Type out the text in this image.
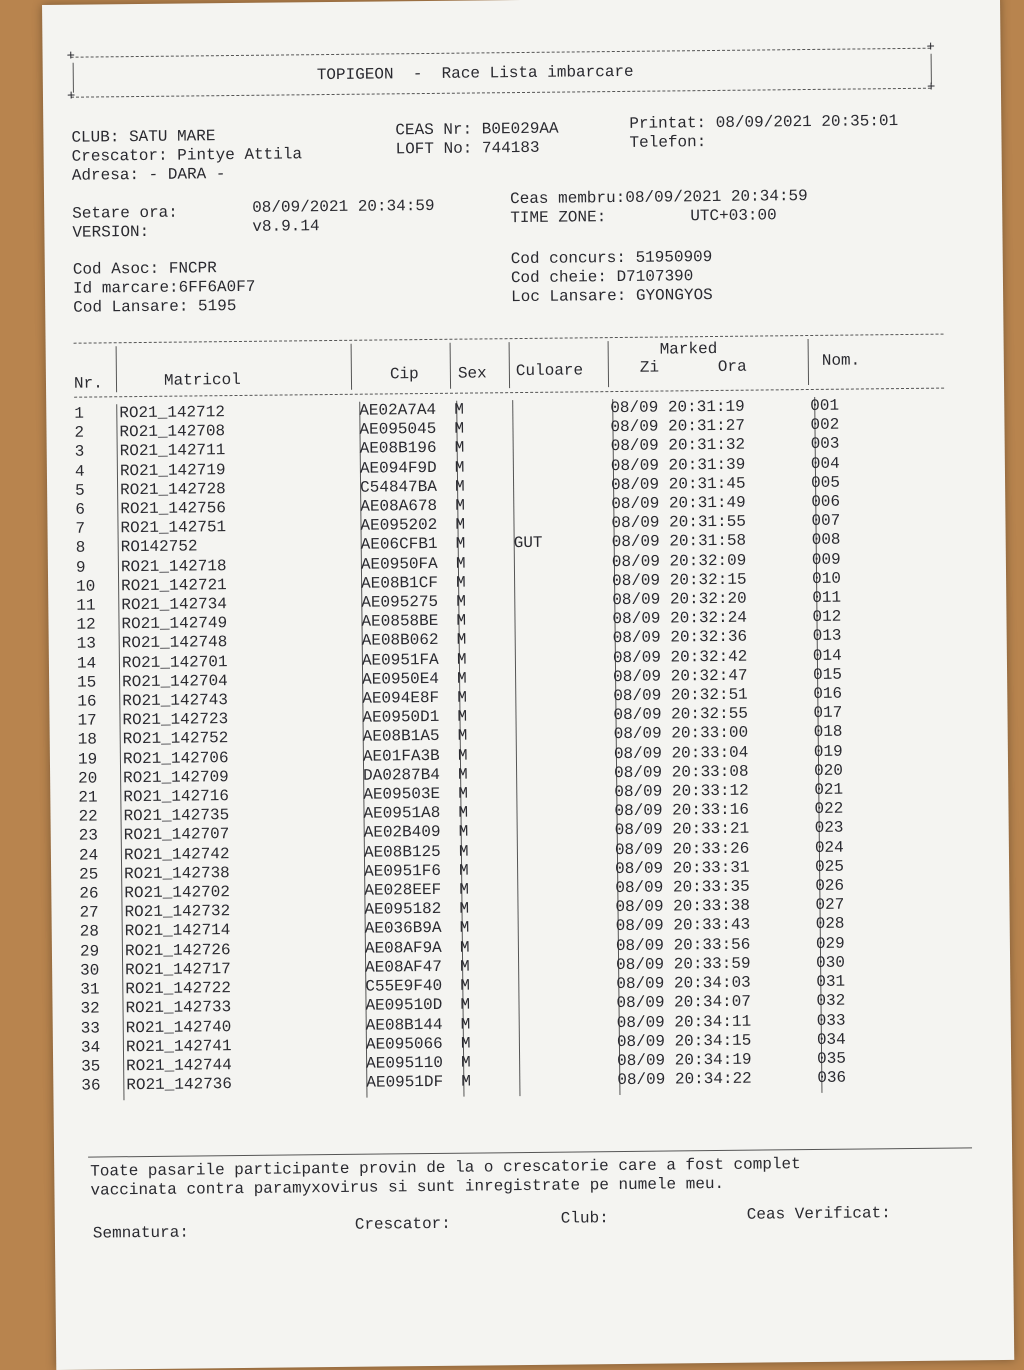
+
+
TOPIGEON  -  Race Lista imbarcare
+
+
CLUB: SATU MARE
Crescator: Pintye Attila
Adresa: - DARA -
CEAS Nr: B0E029AA
LOFT No: 744183
Printat: 08/09/2021 20:35:01
Telefon:
Setare ora:	08/09/2021 20:34:59
VERSION:	v8.9.14
Ceas membru:08/09/2021 20:34:59
TIME ZONE:	UTC+03:00
Cod Asoc: FNCPR
Id marcare:6FF6A0F7
Cod Lansare: 5195
Cod concurs: 51950909
Cod cheie: D7107390
Loc Lansare: GYONGYOS
Nr.	Matricol	Cip Sex Culoare
Marked
Zi	Ora	Nom.
1	RO21_142712	AE02A7A4	M		08/09 20:31:19	001
2	RO21_142708	AE095045	M		08/09 20:31:27	002
3	RO21_142711	AE08B196	M		08/09 20:31:32	003
4	RO21_142719	AE094F9D	M		08/09 20:31:39	004
5	RO21_142728	C54847BA	M		08/09 20:31:45	005
6	RO21_142756	AE08A678	M		08/09 20:31:49	006
7	RO21_142751	AE095202	M		08/09 20:31:55	007
8	RO142752	AE06CFB1	M	GUT	08/09 20:31:58	008
9	RO21_142718	AE0950FA	M		08/09 20:32:09	009
10	RO21_142721	AE08B1CF	M		08/09 20:32:15	010
11	RO21_142734	AE095275	M		08/09 20:32:20	011
12	RO21_142749	AE0858BE	M		08/09 20:32:24	012
13	RO21_142748	AE08B062	M		08/09 20:32:36	013
14	RO21_142701	AE0951FA	M		08/09 20:32:42	014
15	RO21_142704	AE0950E4	M		08/09 20:32:47	015
16	RO21_142743	AE094E8F	M		08/09 20:32:51	016
17	RO21_142723	AE0950D1	M		08/09 20:32:55	017
18	RO21_142752	AE08B1A5	M		08/09 20:33:00	018
19	RO21_142706	AE01FA3B	M		08/09 20:33:04	019
20	RO21_142709	DA0287B4	M		08/09 20:33:08	020
21	RO21_142716	AE09503E	M		08/09 20:33:12	021
22	RO21_142735	AE0951A8	M		08/09 20:33:16	022
23	RO21_142707	AE02B409	M		08/09 20:33:21	023
24	RO21_142742	AE08B125	M		08/09 20:33:26	024
25	RO21_142738	AE0951F6	M		08/09 20:33:31	025
26	RO21_142702	AE028EEF	M		08/09 20:33:35	026
27	RO21_142732	AE095182	M		08/09 20:33:38	027
28	RO21_142714	AE036B9A	M		08/09 20:33:43	028
29	RO21_142726	AE08AF9A	M		08/09 20:33:56	029
30	RO21_142717	AE08AF47	M		08/09 20:33:59	030
31	RO21_142722	C55E9F40	M		08/09 20:34:03	031
32	RO21_142733	AE09510D	M		08/09 20:34:07	032
33	RO21_142740	AE08B144	M		08/09 20:34:11	033
34	RO21_142741	AE095066	M		08/09 20:34:15	034
35	RO21_142744	AE095110	M		08/09 20:34:19	035
36	RO21_142736	AE0951DF	M		08/09 20:34:22	036
Toate pasarile participante provin de la o crescatorie care a fost complet
vaccinata contra paramyxovirus si sunt inregistrate pe numele meu.
Semnatura:	Crescator:	Club:	Ceas Verificat:
